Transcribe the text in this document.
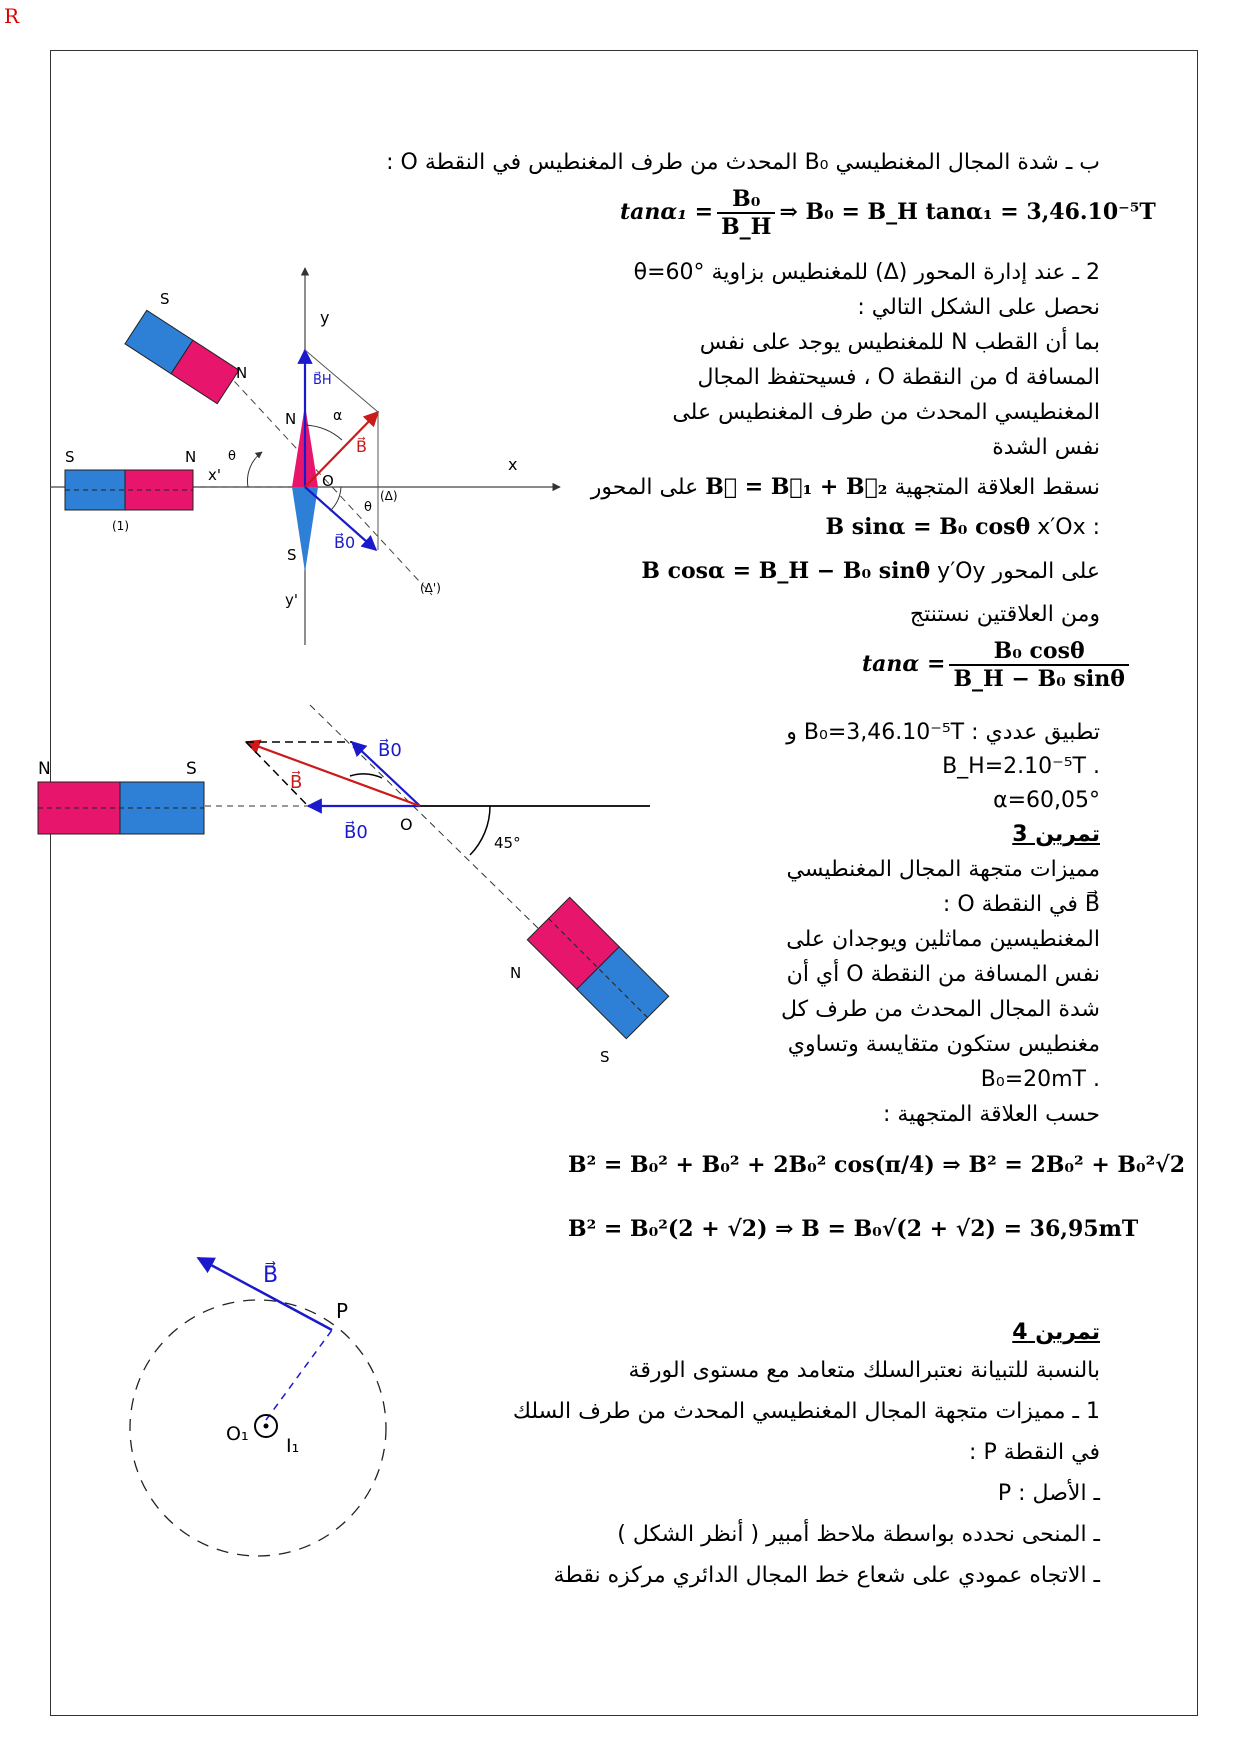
R
ب ـ شدة المجال المغنطيسي B₀ المحدث من طرف المغنطيس في النقطة O :
$\tan\alpha_1 = \frac{\text{B₀}}{B\_H}$ ⇒ B₀ = B_H tanα₁ = 3,46.10⁻⁵T
2 ـ عند إدارة المحور (Δ) للمغنطيس بزاوية θ=60°
نحصل على الشكل التالي :
بما أن القطب N للمغنطيس يوجد على نفس
المسافة d من النقطة O ، فسيحتفظ المجال
المغنطيسي المحدث من طرف المغنطيس على
نفس الشدة
نسقط العلاقة المتجهية B⃗ = B⃗₁ + B⃗₂ على المحور
: x′Ox B sinα = B₀ cosθ
على المحور y′Oy B cosα = B_H − B₀ sinθ
ومن العلاقتين نستنتج
$\tan\alpha = \frac{\text{B₀ cosθ}}{\text{B\_H − B₀ sinθ}}$
تطبيق عددي : B₀=3,46.10⁻⁵T و
. B_H=2.10⁻⁵T
α=60,05°
تمرين 3
مميزات متجهة المجال المغنطيسي
B⃗ في النقطة O :
المغنطيسين مماثلين ويوجدان على
نفس المسافة من النقطة O أي أن
شدة المجال المحدث من طرف كل
مغنطيس ستكون متقايسة وتساوي
. B₀=20mT
حسب العلاقة المتجهية :
B² = B₀² + B₀² + 2B₀² cos(π/4) ⇒ B² = 2B₀² + B₀²√2
B² = B₀²(2 + √2) ⇒ B = B₀√(2 + √2) = 36,95mT
تمرين 4
بالنسبة للتبيانة نعتبرالسلك متعامد مع مستوى الورقة
1 ـ مميزات متجهة المجال المغنطيسي المحدث من طرف السلك
في النقطة P :
ـ الأصل : P
ـ المنحى نحدده بواسطة ملاحظ أمبير ( أنظر الشكل )
ـ الاتجاه عمودي على شعاع خط المجال الدائري مركزه نقطة
S	N
S
N
y
x
x'
y'
θ
θ
α
O
(Δ)
(Δ')
(1)
N
S
B⃗H
B⃗
B⃗0
N	S
N
S
B⃗0
B⃗
B⃗0 O
45°
B⃗
P
O₁
I₁
